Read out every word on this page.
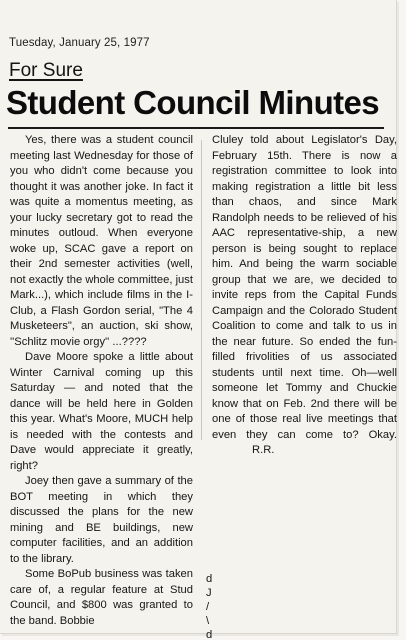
Tuesday, January 25, 1977
For Sure
Student Council Minutes

Yes, there was a student council meeting last Wednesday for those of you who didn't come because you thought it was another joke. In fact it was quite a momentus meeting, as your lucky secretary got to read the minutes outloud. When everyone woke up, SCAC gave a report on their 2nd semester activities (well, not exactly the whole committee, just Mark...), which include films in the I-Club, a Flash Gordon serial, "The 4 Musketeers", an auction, ski show, ''Schlitz movie orgy'' ...????

Dave Moore spoke a little about Winter Carnival coming up this Saturday — and noted that the dance will be held here in Golden this year. What's Moore, MUCH help is needed with the contests and Dave would appreciate it greatly, right?

Joey then gave a summary of the BOT meeting in which they discussed the plans for the new mining and BE buildings, new computer facilities, and an addition to the library.

Some BoPub business was taken care of, a regular feature at Stud Council, and $800 was granted to the band. Bobbie

Cluley told about Legislator's Day, February 15th. There is now a registration committee to look into making registration a little bit less than chaos, and since Mark Randolph needs to be relieved of his AAC representative-ship, a new person is being sought to replace him. And being the warm sociable group that we are, we decided to invite reps from the Capital Funds Campaign and the Colorado Student Coalition to come and talk to us in the near future. So ended the fun-filled frivolities of us associated students until next time. Oh—well someone let Tommy and Chuckie know that on Feb. 2nd there will be one of those real live meetings that even they can come to? Okay. R.R.

d
J
/
\
d
